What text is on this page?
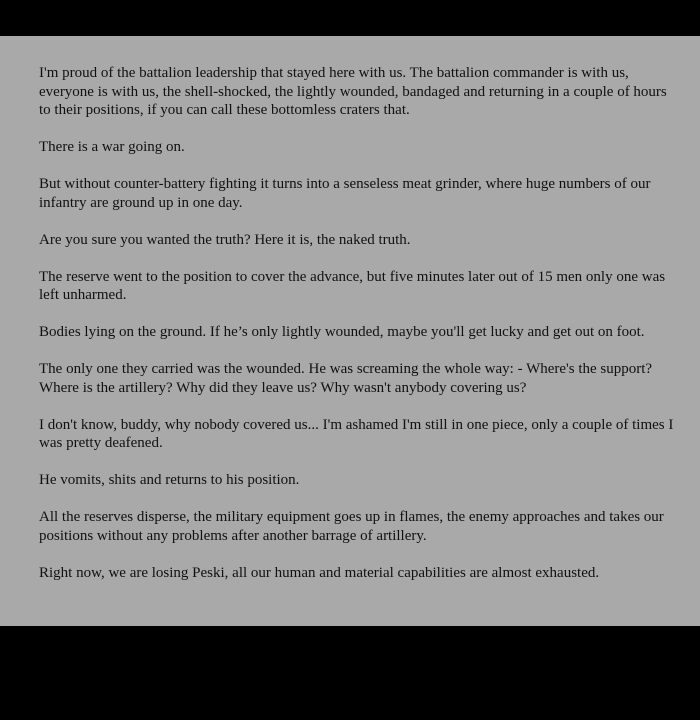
I'm proud of the battalion leadership that stayed here with us. The battalion commander is with us, everyone is with us, the shell-shocked, the lightly wounded, bandaged and returning in a couple of hours to their positions, if you can call these bottomless craters that.

There is a war going on.

But without counter-battery fighting it turns into a senseless meat grinder, where huge numbers of our infantry are ground up in one day.

Are you sure you wanted the truth? Here it is, the naked truth.

The reserve went to the position to cover the advance, but five minutes later out of 15 men only one was left unharmed.

Bodies lying on the ground. If he’s only lightly wounded, maybe you'll get lucky and get out on foot.

The only one they carried was the wounded. He was screaming the whole way: - Where's the support? Where is the artillery? Why did they leave us? Why wasn't anybody covering us?

I don't know, buddy, why nobody covered us... I'm ashamed I'm still in one piece, only a couple of times I was pretty deafened.

He vomits, shits and returns to his position.

All the reserves disperse, the military equipment goes up in flames, the enemy approaches and takes our positions without any problems after another barrage of artillery.

Right now, we are losing Peski, all our human and material capabilities are almost exhausted.
